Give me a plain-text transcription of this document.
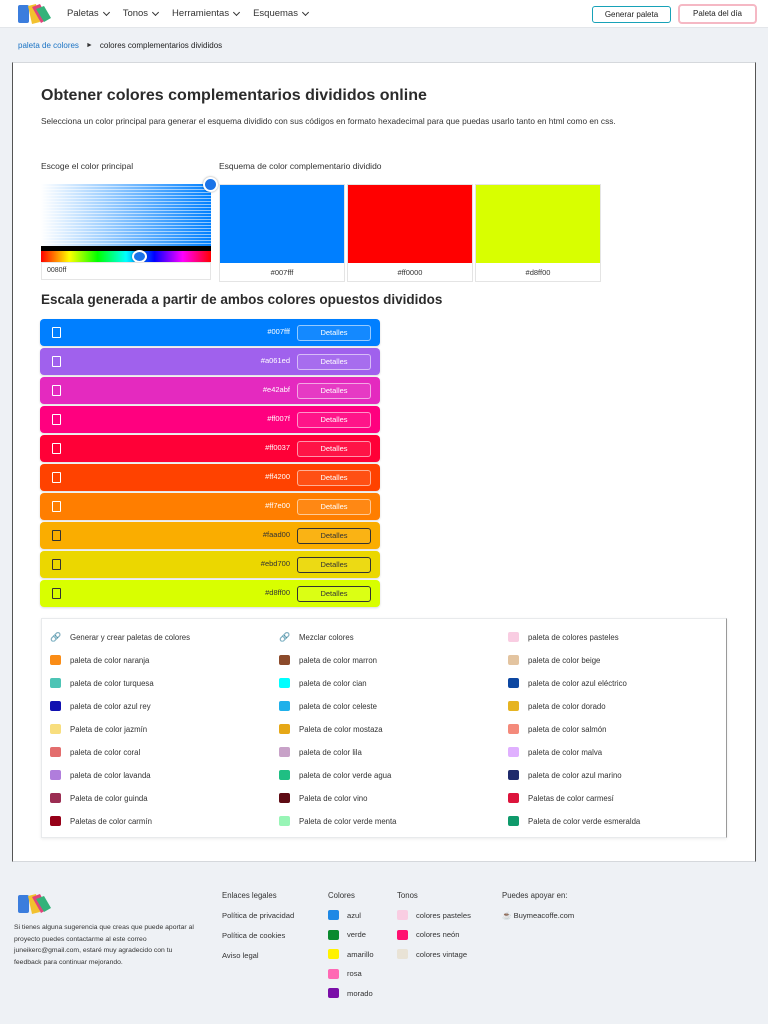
Paletas	Tonos	Herramientas	Esquemas	Generar paleta	Paleta del día
paleta de colores ► colores complementarios divididos
Obtener colores complementarios divididos online

Selecciona un color principal para generar el esquema dividido con sus códigos en formato hexadecimal para que puedas usarlo tanto en html como en css.

Escoge el color principal	Esquema de color complementario dividido
0080ff	#007fff	#ff0000	#d8ff00
Escala generada a partir de ambos colores opuestos divididos
#007fff	Detalles
#a061ed	Detalles
#e42abf	Detalles
#ff007f	Detalles
#ff0037	Detalles
#ff4200	Detalles
#ff7e00	Detalles
#faad00	Detalles
#ebd700	Detalles
#d8ff00	Detalles
🔗 Generar y crear paletas de colores
paleta de color naranja
paleta de color turquesa
paleta de color azul rey
Paleta de color jazmín
paleta de color coral
paleta de color lavanda
Paleta de color guinda
Paletas de color carmín
🔗 Mezclar colores
paleta de color marron
paleta de color cian
paleta de color celeste
Paleta de color mostaza
paleta de color lila
paleta de color verde agua
Paleta de color vino
Paleta de color verde menta
paleta de colores pasteles
paleta de color beige
paleta de color azul eléctrico
paleta de color dorado
paleta de color salmón
paleta de color malva
paleta de color azul marino
Paletas de color carmesí
Paleta de color verde esmeralda

Si tienes alguna sugerencia que creas que puede aportar al proyecto puedes contactarme al este correo juneikerc@gmail.com, estaré muy agradecido con tu feedback para continuar mejorando.

Enlaces legales
Política de privacidad
Política de cookies
Aviso legal
Colores
azul
verde
amarillo
rosa
morado
Tonos
colores pasteles
colores neón
colores vintage
Puedes apoyar en:
☕ Buymeacoffe.com
